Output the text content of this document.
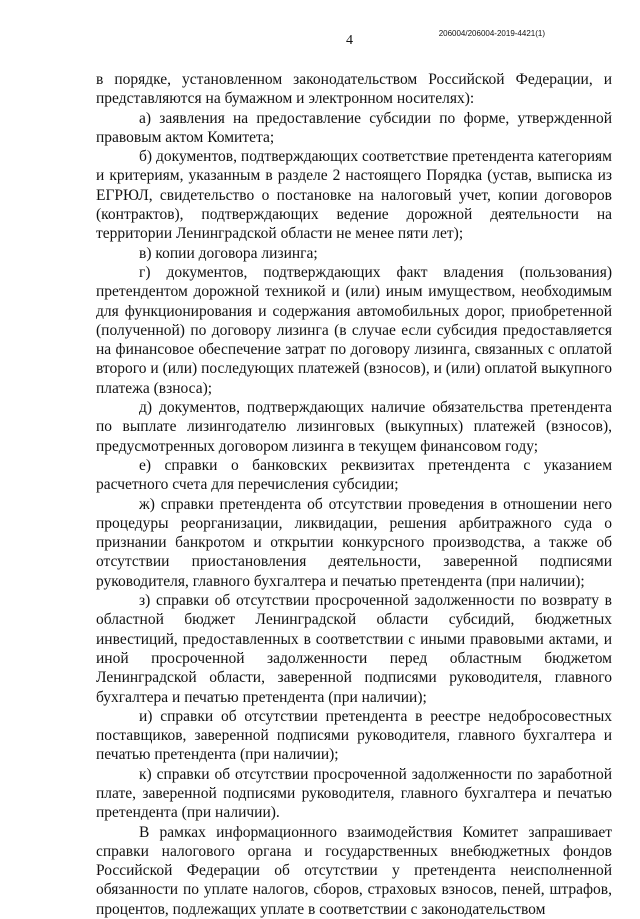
206004/206004-2019-4421(1)
4

в порядке, установленном законодательством Российской Федерации, и представляются на бумажном и электронном носителях):

а) заявления на предоставление субсидии по форме, утвержденной правовым актом Комитета;

б) документов, подтверждающих соответствие претендента категориям и критериям, указанным в разделе 2 настоящего Порядка (устав, выписка из ЕГРЮЛ, свидетельство о постановке на налоговый учет, копии договоров (контрактов), подтверждающих ведение дорожной деятельности на территории Ленинградской области не менее пяти лет);

в) копии договора лизинга;

г) документов, подтверждающих факт владения (пользования) претендентом дорожной техникой и (или) иным имуществом, необходимым для функционирования и содержания автомобильных дорог, приобретенной (полученной) по договору лизинга (в случае если субсидия предоставляется на финансовое обеспечение затрат по договору лизинга, связанных с оплатой второго и (или) последующих платежей (взносов), и (или) оплатой выкупного платежа (взноса);

д) документов, подтверждающих наличие обязательства претендента по выплате лизингодателю лизинговых (выкупных) платежей (взносов), предусмотренных договором лизинга в текущем финансовом году;

е) справки о банковских реквизитах претендента с указанием расчетного счета для перечисления субсидии;

ж) справки претендента об отсутствии проведения в отношении него процедуры реорганизации, ликвидации, решения арбитражного суда о признании банкротом и открытии конкурсного производства, а также об отсутствии приостановления деятельности, заверенной подписями руководителя, главного бухгалтера и печатью претендента (при наличии);

з) справки об отсутствии просроченной задолженности по возврату в областной бюджет Ленинградской области субсидий, бюджетных инвестиций, предоставленных в соответствии с иными правовыми актами, и иной просроченной задолженности перед областным бюджетом Ленинградской области, заверенной подписями руководителя, главного бухгалтера и печатью претендента (при наличии);

и) справки об отсутствии претендента в реестре недобросовестных поставщиков, заверенной подписями руководителя, главного бухгалтера и печатью претендента (при наличии);

к) справки об отсутствии просроченной задолженности по заработной плате, заверенной подписями руководителя, главного бухгалтера и печатью претендента (при наличии).

В рамках информационного взаимодействия Комитет запрашивает справки налогового органа и государственных внебюджетных фондов Российской Федерации об отсутствии у претендента неисполненной обязанности по уплате налогов, сборов, страховых взносов, пеней, штрафов, процентов, подлежащих уплате в соответствии с законодательством
